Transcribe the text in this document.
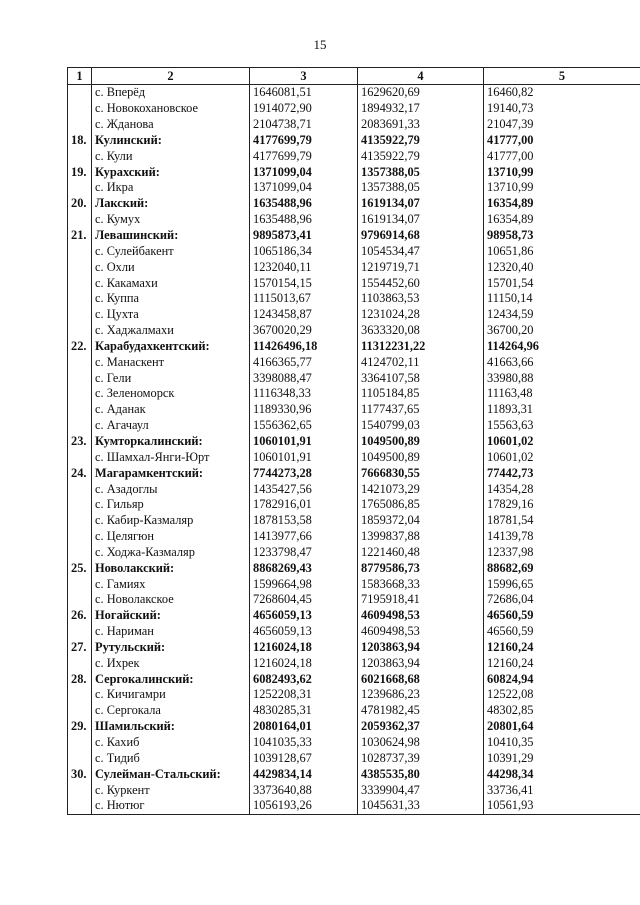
15
1	2	3	4	5
	с. Вперёд	1646081,51	1629620,69	16460,82
	с. Новокохановское	1914072,90	1894932,17	19140,73
	с. Жданова	2104738,71	2083691,33	21047,39
18.	Кулинский:	4177699,79	4135922,79	41777,00
	с. Кули	4177699,79	4135922,79	41777,00
19.	Курахский:	1371099,04	1357388,05	13710,99
	с. Икра	1371099,04	1357388,05	13710,99
20.	Лакский:	1635488,96	1619134,07	16354,89
	с. Кумух	1635488,96	1619134,07	16354,89
21.	Левашинский:	9895873,41	9796914,68	98958,73
	с. Сулейбакент	1065186,34	1054534,47	10651,86
	с. Охли	1232040,11	1219719,71	12320,40
	с. Какамахи	1570154,15	1554452,60	15701,54
	с. Куппа	1115013,67	1103863,53	11150,14
	с. Цухта	1243458,87	1231024,28	12434,59
	с. Хаджалмахи	3670020,29	3633320,08	36700,20
22.	Карабудахкентский:	11426496,18	11312231,22	114264,96
	с. Манаскент	4166365,77	4124702,11	41663,66
	с. Гели	3398088,47	3364107,58	33980,88
	с. Зеленоморск	1116348,33	1105184,85	11163,48
	с. Аданак	1189330,96	1177437,65	11893,31
	с. Агачаул	1556362,65	1540799,03	15563,63
23.	Кумторкалинский:	1060101,91	1049500,89	10601,02
	с. Шамхал-Янги-Юрт	1060101,91	1049500,89	10601,02
24.	Магарамкентский:	7744273,28	7666830,55	77442,73
	с. Азадоглы	1435427,56	1421073,29	14354,28
	с. Гильяр	1782916,01	1765086,85	17829,16
	с. Кабир-Казмаляр	1878153,58	1859372,04	18781,54
	с. Целягюн	1413977,66	1399837,88	14139,78
	с. Ходжа-Казмаляр	1233798,47	1221460,48	12337,98
25.	Новолакский:	8868269,43	8779586,73	88682,69
	с. Гамиях	1599664,98	1583668,33	15996,65
	с. Новолакское	7268604,45	7195918,41	72686,04
26.	Ногайский:	4656059,13	4609498,53	46560,59
	с. Нариман	4656059,13	4609498,53	46560,59
27.	Рутульский:	1216024,18	1203863,94	12160,24
	с. Ихрек	1216024,18	1203863,94	12160,24
28.	Сергокалинский:	6082493,62	6021668,68	60824,94
	с. Кичигамри	1252208,31	1239686,23	12522,08
	с. Сергокала	4830285,31	4781982,45	48302,85
29.	Шамильский:	2080164,01	2059362,37	20801,64
	с. Кахиб	1041035,33	1030624,98	10410,35
	с. Тидиб	1039128,67	1028737,39	10391,29
30.	Сулейман-Стальский:	4429834,14	4385535,80	44298,34
	с. Куркент	3373640,88	3339904,47	33736,41
	с. Нютюг	1056193,26	1045631,33	10561,93
